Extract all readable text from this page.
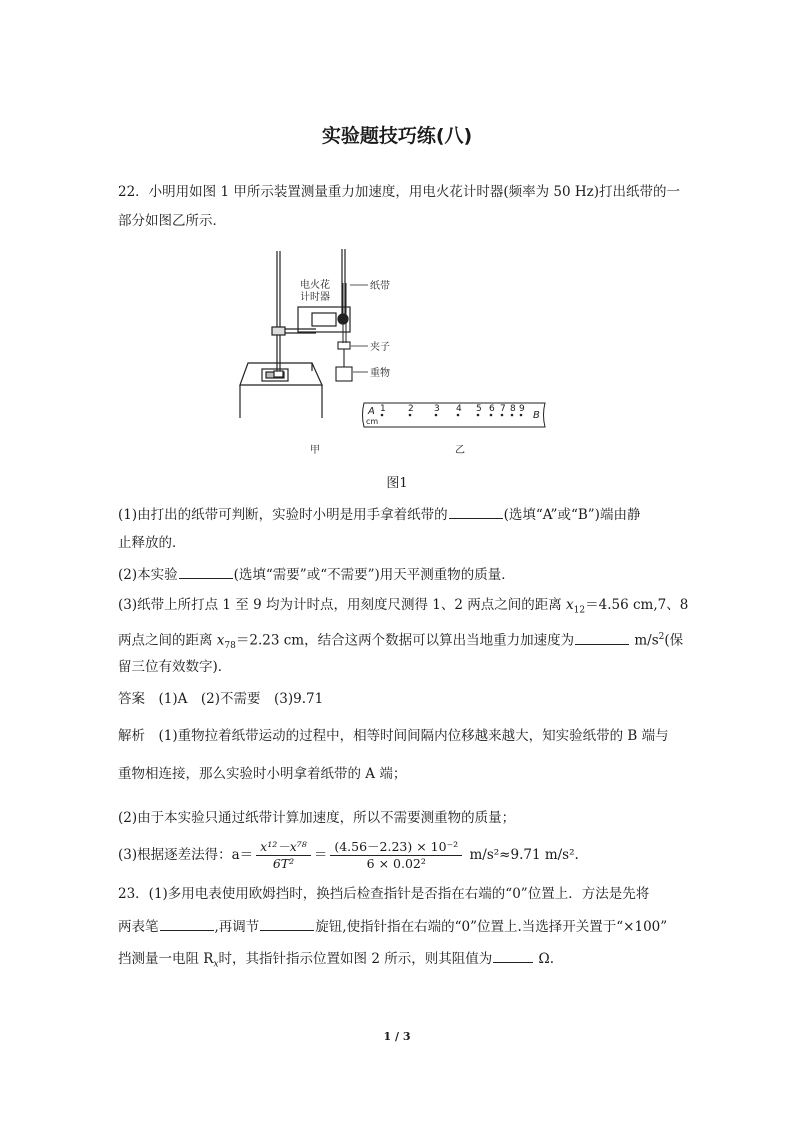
实验题技巧练(八)
22．小明用如图 1 甲所示装置测量重力加速度，用电火花计时器(频率为 50 Hz)打出纸带的一
部分如图乙所示．
电火花
计时器
纸带
夹子
重物
A
cm
B
1 2 3 4 5 6 7 8 9
甲	乙
图1
(1)由打出的纸带可判断，实验时小明是用手拿着纸带的	(选填“A”或“B”)端由静
止释放的．
(2)本实验	(选填“需要”或“不需要”)用天平测重物的质量．
(3)纸带上所打点 1 至 9 均为计时点，用刻度尺测得 1、2 两点之间的距离 $x_{12}=4.56$ cm,7、8
两点之间的距离 $x_{78}=2.23$ cm，结合这两个数据可以算出当地重力加速度为	$m/s^2$(保
留三位有效数字)．
答案　(1)A　(2)不需要　(3)9.71
解析　(1)重物拉着纸带运动的过程中，相等时间间隔内位移越来越大，知实验纸带的 B 端与
重物相连接，那么实验时小明拿着纸带的 A 端；
(2)由于本实验只通过纸带计算加速度，所以不需要测重物的质量；
(3)根据逐差法得：$a= \frac{\text{x¹²－x⁷⁸}}{\text{6T²}} = \frac{\text{(4.56－2.23) × 10⁻²}}{\text{6 × 0.02²}} m/s^2\approx 9.71$ m/s².
23．(1)多用电表使用欧姆挡时，换挡后检查指针是否指在右端的“0”位置上．方法是先将
两表笔	,再调节	旋钮,使指针指在右端的“0”位置上.当选择开关置于“×100”
挡测量一电阻 $R_x$时，其指针指示位置如图 2 所示，则其阻值为	Ω.
1 / 3
